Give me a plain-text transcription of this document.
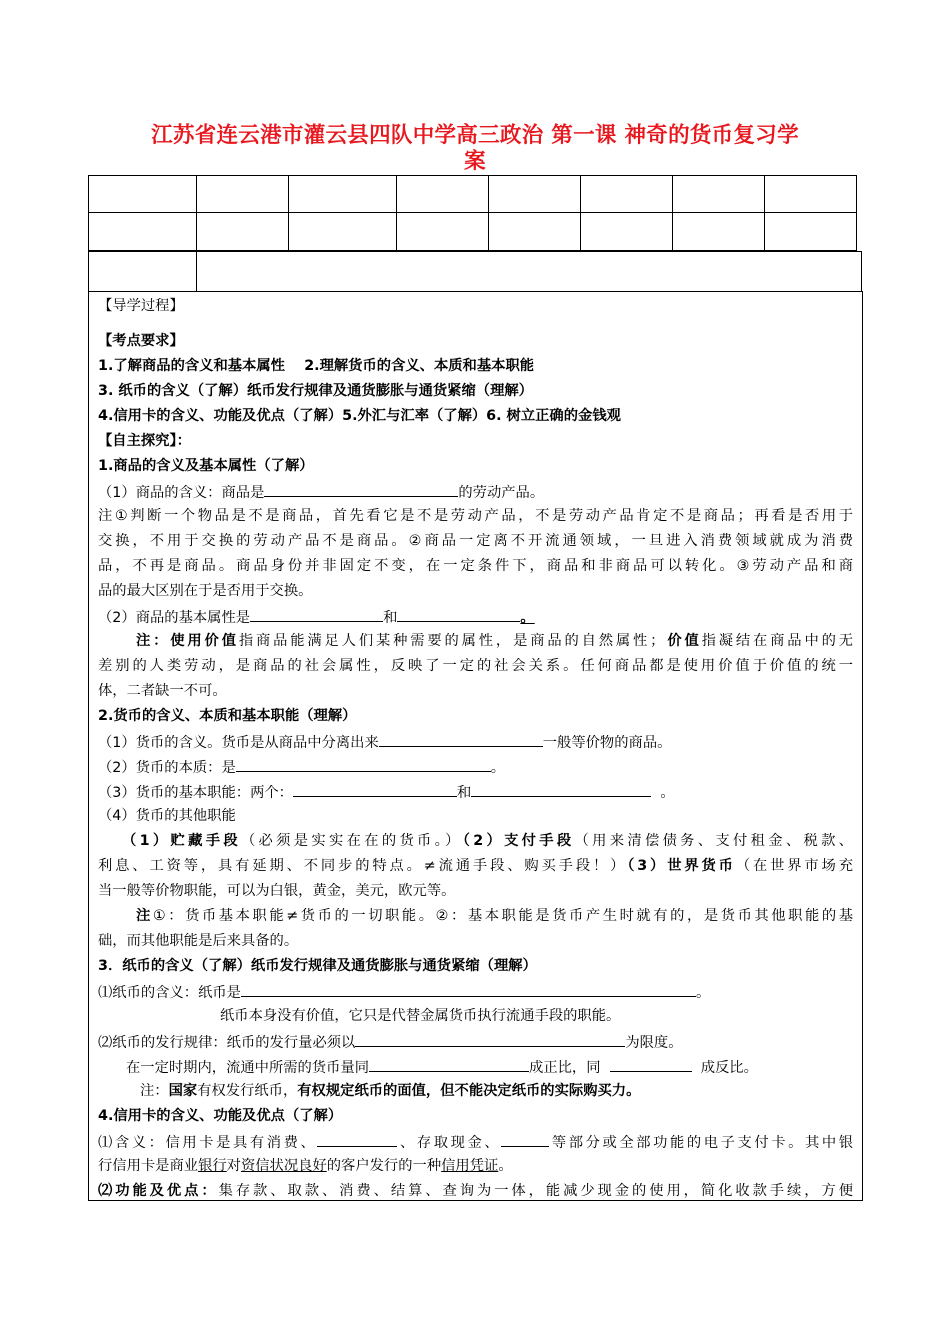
江苏省连云港市灌云县四队中学高三政治 第一课 神奇的货币复习学
案

【导学过程】
【考点要求】
1.了解商品的含义和基本属性　 2.理解货币的含义、本质和基本职能
3. 纸币的含义（了解）纸币发行规律及通货膨胀与通货紧缩（理解）
4.信用卡的含义、功能及优点（了解）5.外汇与汇率（了解）6. 树立正确的金钱观
【自主探究】：
1.商品的含义及基本属性（了解）
（1）商品的含义：商品是	的劳动产品。
注①判断一个物品是不是商品，首先看它是不是劳动产品，不是劳动产品肯定不是商品；再看是否用于
交换，不用于交换的劳动产品不是商品。②商品一定离不开流通领域，一旦进入消费领域就成为消费
品，不再是商品。商品身份并非固定不变，在一定条件下，商品和非商品可以转化。③劳动产品和商
品的最大区别在于是否用于交换。
（2）商品的基本属性是	和	。
注：使用价值指商品能满足人们某种需要的属性，是商品的自然属性；价值指凝结在商品中的无
差别的人类劳动，是商品的社会属性，反映了一定的社会关系。任何商品都是使用价值于价值的统一
体，二者缺一不可。
2.货币的含义、本质和基本职能（理解）
（1）货币的含义。货币是从商品中分离出来	一般等价物的商品。
（2）货币的本质：是	。
（3）货币的基本职能：两个：	和	。
（4）货币的其他职能
（1）贮藏手段（必须是实实在在的货币。）（2）支付手段（用来清偿债务、支付租金、税款、
利息、工资等，具有延期、不同步的特点。≠流通手段、购买手段！）（3）世界货币（在世界市场充
当一般等价物职能，可以为白银，黄金，美元，欧元等。
注①：货币基本职能≠货币的一切职能。②：基本职能是货币产生时就有的，是货币其他职能的基
础，而其他职能是后来具备的。
3．纸币的含义（了解）纸币发行规律及通货膨胀与通货紧缩（理解）
⑴纸币的含义：纸币是	。
纸币本身没有价值，它只是代替金属货币执行流通手段的职能。
⑵纸币的发行规律：纸币的发行量必须以	为限度。
在一定时期内，流通中所需的货币量同	成正比，同	成反比。
注：国家有权发行纸币，有权规定纸币的面值，但不能决定纸币的实际购买力。
4.信用卡的含义、功能及优点（了解）
⑴含义：信用卡是具有消费、	、存取现金、	等部分或全部功能的电子支付卡。其中银
行信用卡是商业银行对资信状况良好的客户发行的一种信用凭证。
⑵功能及优点：集存款、取款、消费、结算、查询为一体，能减少现金的使用，简化收款手续，方便
